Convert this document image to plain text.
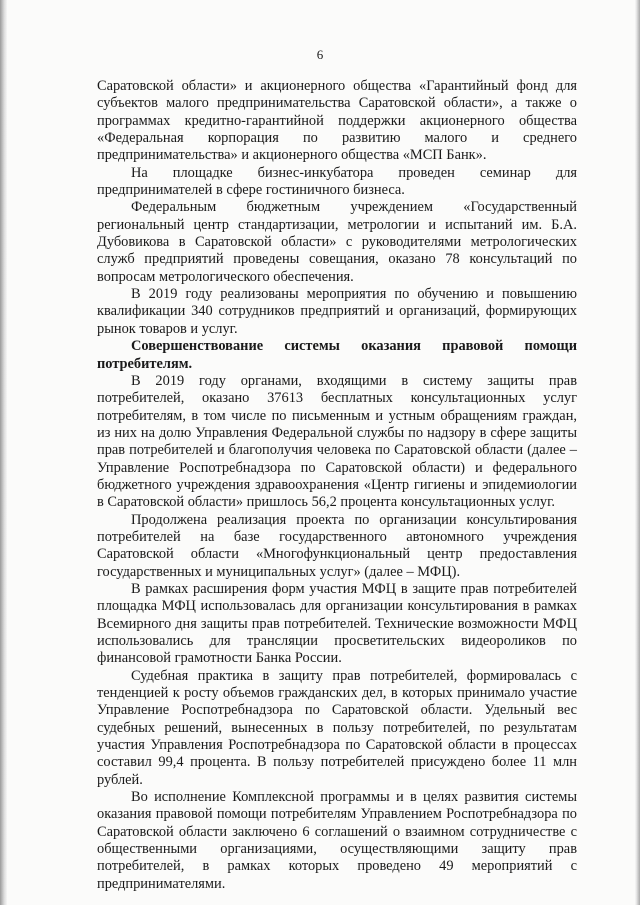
6

Саратовской области» и акционерного общества «Гарантийный фонд для субъектов малого предпринимательства Саратовской области», а также о программах кредитно-гарантийной поддержки акционерного общества «Федеральная корпорация по развитию малого и среднего предпринимательства» и акционерного общества «МСП Банк».

На площадке бизнес-инкубатора проведен семинар для предпринимателей в сфере гостиничного бизнеса.

Федеральным бюджетным учреждением «Государственный региональный центр стандартизации, метрологии и испытаний им. Б.А. Дубовикова в Саратовской области» с руководителями метрологических служб предприятий проведены совещания, оказано 78 консультаций по вопросам метрологического обеспечения.

В 2019 году реализованы мероприятия по обучению и повышению квалификации 340 сотрудников предприятий и организаций, формирующих рынок товаров и услуг.

Совершенствование системы оказания правовой помощи потребителям.

В 2019 году органами, входящими в систему защиты прав потребителей, оказано 37613 бесплатных консультационных услуг потребителям, в том числе по письменным и устным обращениям граждан, из них на долю Управления Федеральной службы по надзору в сфере защиты прав потребителей и благополучия человека по Саратовской области (далее – Управление Роспотребнадзора по Саратовской области) и федерального бюджетного учреждения здравоохранения «Центр гигиены и эпидемиологии в Саратовской области» пришлось 56,2 процента консультационных услуг.

Продолжена реализация проекта по организации консультирования потребителей на базе государственного автономного учреждения Саратовской области «Многофункциональный центр предоставления государственных и муниципальных услуг» (далее – МФЦ).

В рамках расширения форм участия МФЦ в защите прав потребителей площадка МФЦ использовалась для организации консультирования в рамках Всемирного дня защиты прав потребителей. Технические возможности МФЦ использовались для трансляции просветительских видеороликов по финансовой грамотности Банка России.

Судебная практика в защиту прав потребителей, формировалась с тенденцией к росту объемов гражданских дел, в которых принимало участие Управление Роспотребнадзора по Саратовской области. Удельный вес судебных решений, вынесенных в пользу потребителей, по результатам участия Управления Роспотребнадзора по Саратовской области в процессах составил 99,4 процента. В пользу потребителей присуждено более 11 млн рублей.

Во исполнение Комплексной программы и в целях развития системы оказания правовой помощи потребителям Управлением Роспотребнадзора по Саратовской области заключено 6 соглашений о взаимном сотрудничестве с общественными организациями, осуществляющими защиту прав потребителей, в рамках которых проведено 49 мероприятий с предпринимателями.
